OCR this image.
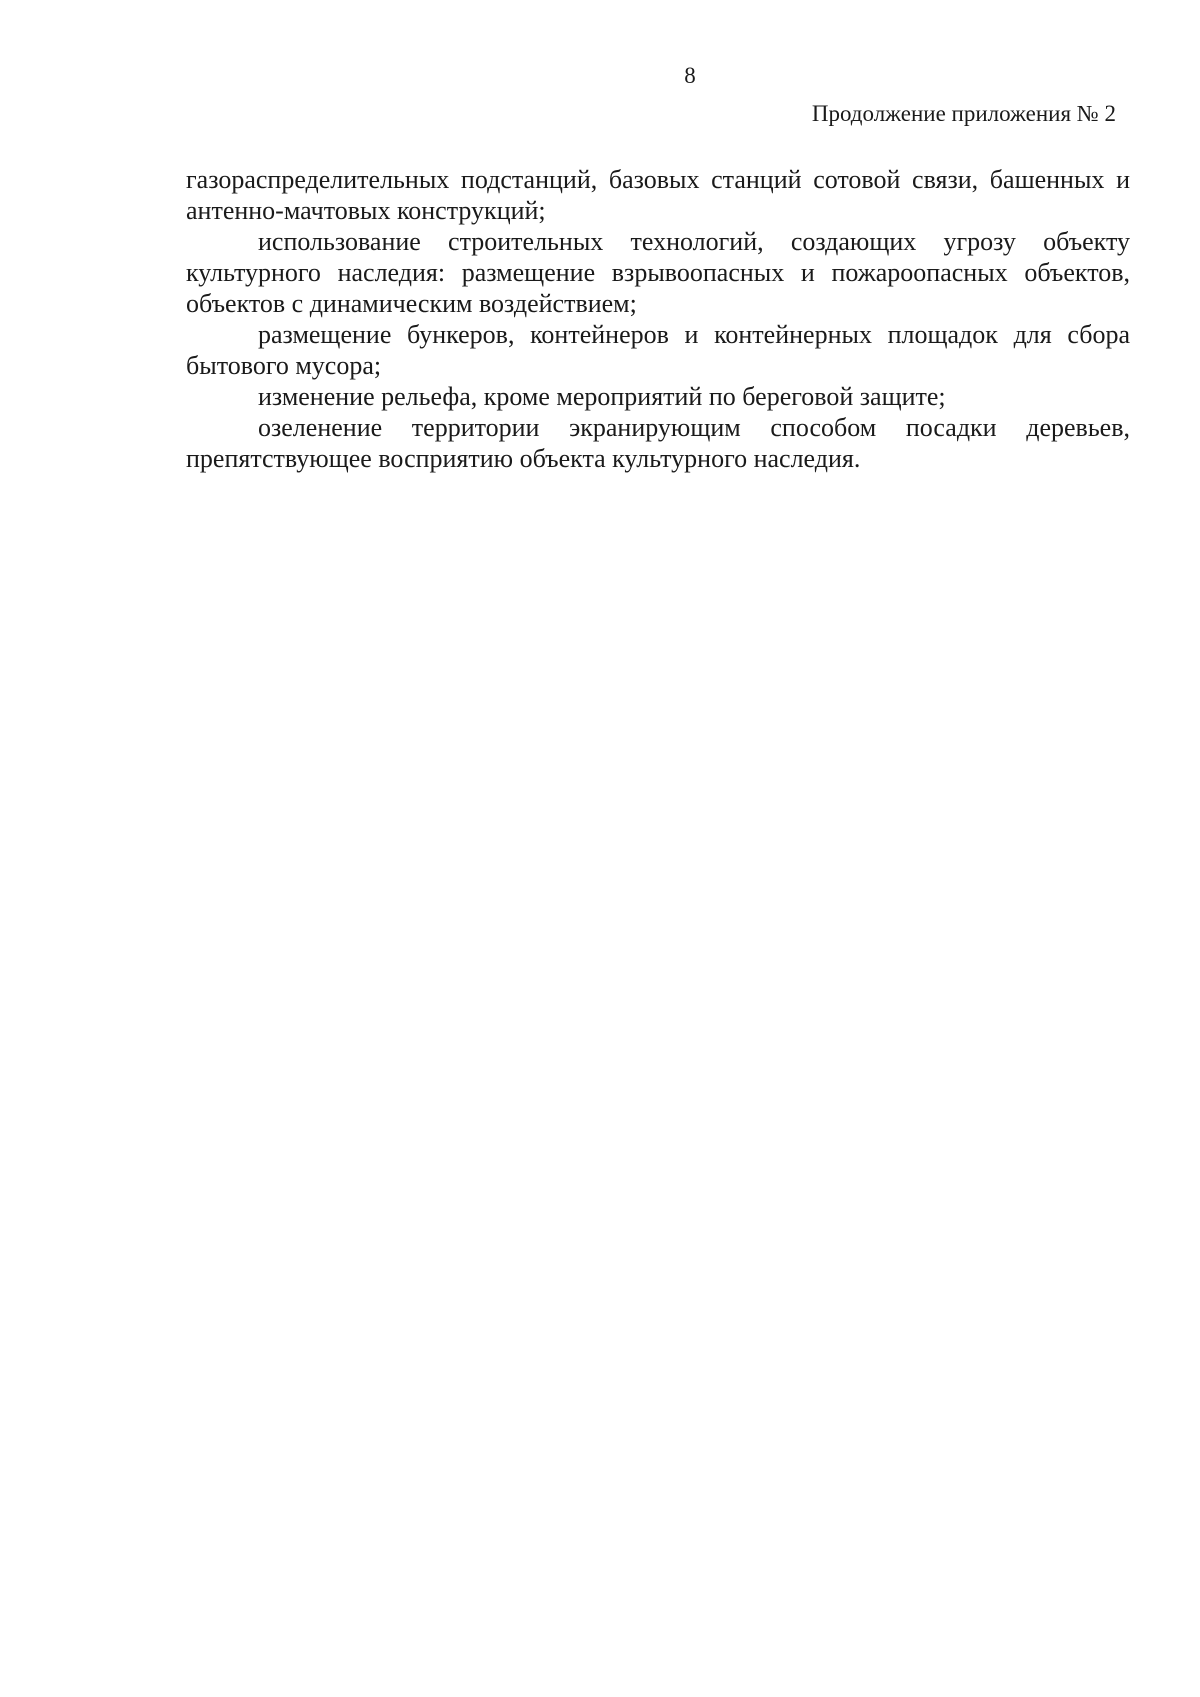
8
Продолжение приложения № 2

газораспределительных подстанций, базовых станций сотовой связи, башенных и антенно-мачтовых конструкций;

использование строительных технологий, создающих угрозу объекту культурного наследия: размещение взрывоопасных и пожароопасных объектов, объектов с динамическим воздействием;

размещение бункеров, контейнеров и контейнерных площадок для сбора бытового мусора;

изменение рельефа, кроме мероприятий по береговой защите;

озеленение территории экранирующим способом посадки деревьев, препятствующее восприятию объекта культурного наследия.
